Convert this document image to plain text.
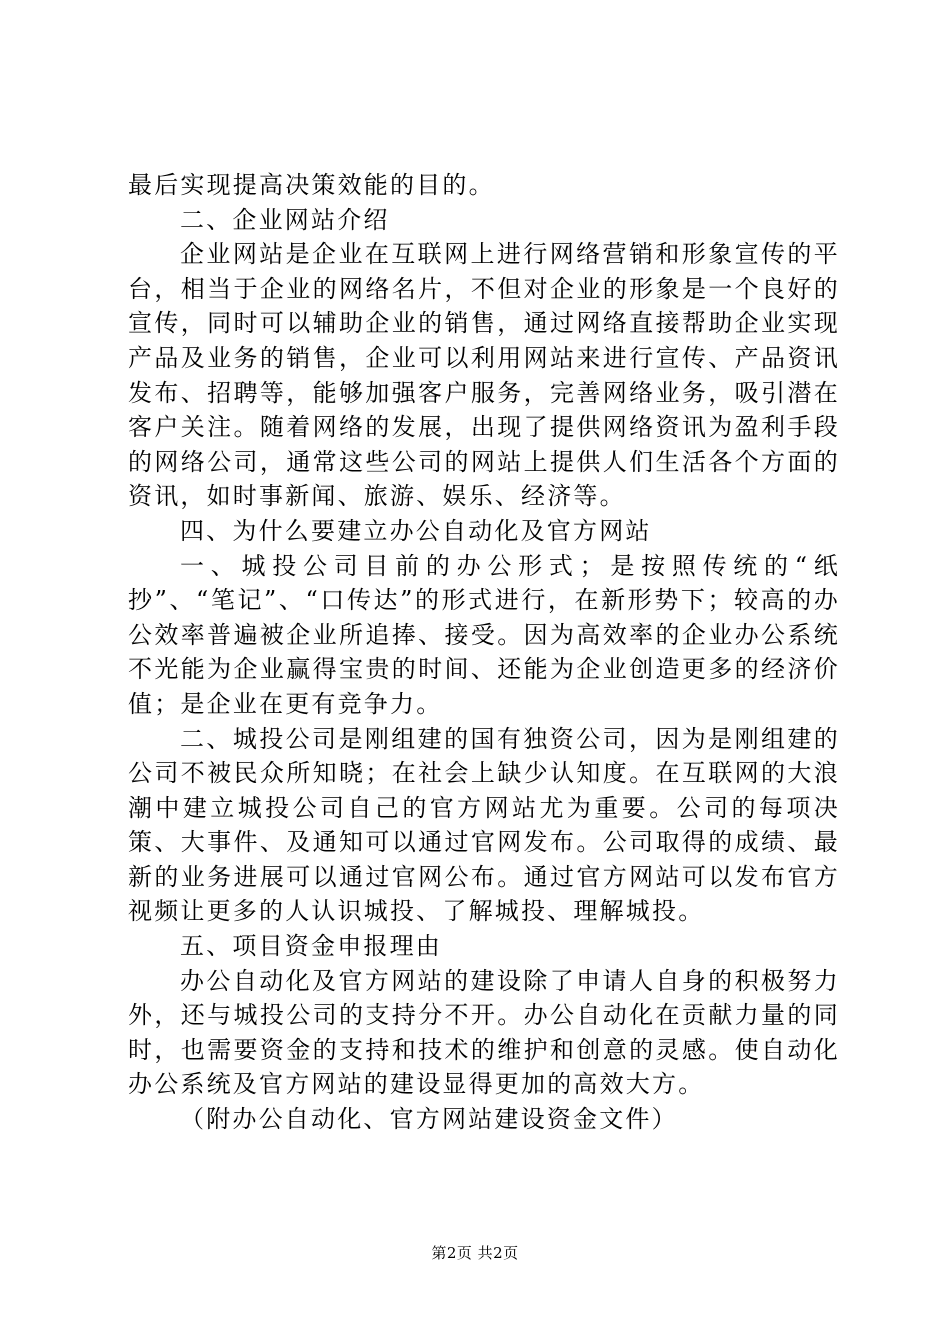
最后实现提高决策效能的目的。

二、企业网站介绍

企业网站是企业在互联网上进行网络营销和形象宣传的平台，相当于企业的网络名片，不但对企业的形象是一个良好的宣传，同时可以辅助企业的销售，通过网络直接帮助企业实现产品及业务的销售，企业可以利用网站来进行宣传、产品资讯发布、招聘等，能够加强客户服务，完善网络业务，吸引潜在客户关注。随着网络的发展，出现了提供网络资讯为盈利手段的网络公司，通常这些公司的网站上提供人们生活各个方面的资讯，如时事新闻、旅游、娱乐、经济等。

四、为什么要建立办公自动化及官方网站

一、城投公司目前的办公形式；是按照传统的“纸抄”、“笔记”、“口传达”的形式进行，在新形势下；较高的办公效率普遍被企业所追捧、接受。因为高效率的企业办公系统不光能为企业赢得宝贵的时间、还能为企业创造更多的经济价值；是企业在更有竞争力。

二、城投公司是刚组建的国有独资公司，因为是刚组建的公司不被民众所知晓；在社会上缺少认知度。在互联网的大浪潮中建立城投公司自己的官方网站尤为重要。公司的每项决策、大事件、及通知可以通过官网发布。公司取得的成绩、最新的业务进展可以通过官网公布。通过官方网站可以发布官方视频让更多的人认识城投、了解城投、理解城投。

五、项目资金申报理由

办公自动化及官方网站的建设除了申请人自身的积极努力外，还与城投公司的支持分不开。办公自动化在贡献力量的同时，也需要资金的支持和技术的维护和创意的灵感。使自动化办公系统及官方网站的建设显得更加的高效大方。

（附办公自动化、官方网站建设资金文件）

第2页 共2页
